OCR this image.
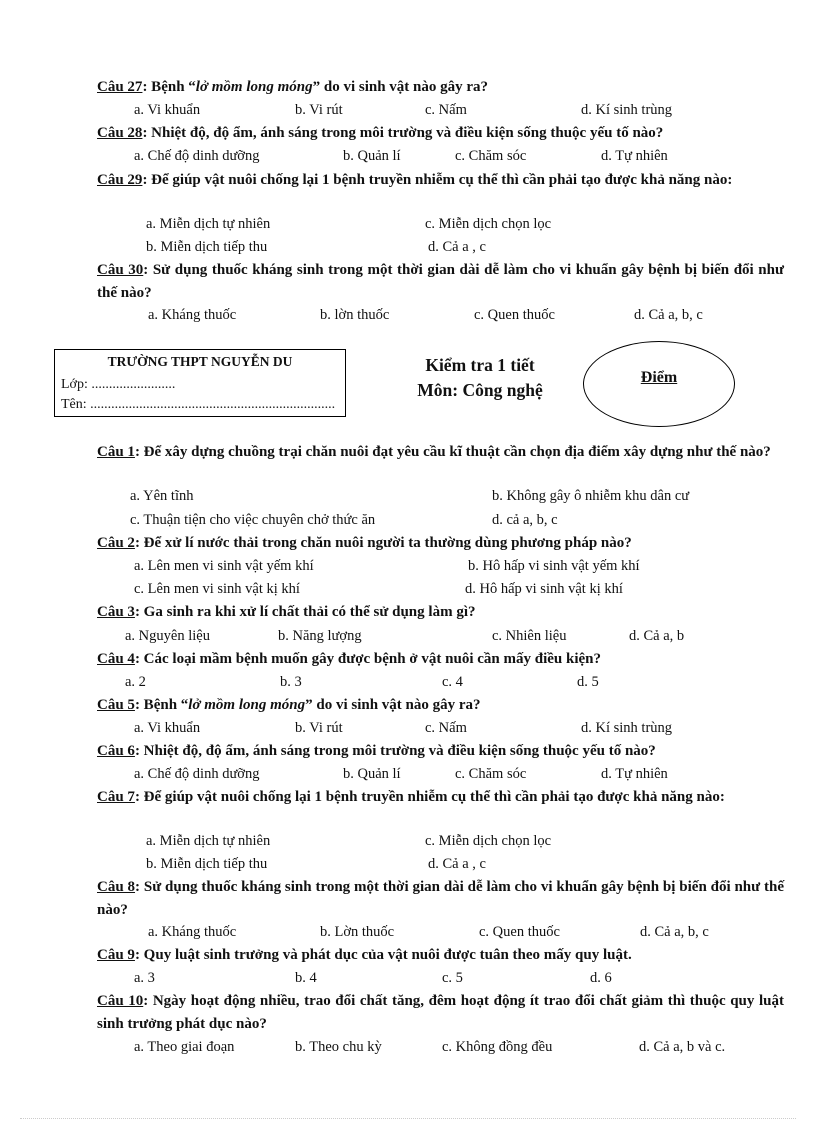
Câu 27: Bệnh “lở mồm long móng” do vi sinh vật nào gây ra?
a. Vi khuẩn	b. Vi rút	c. Nấm	d. Kí sinh trùng
Câu 28: Nhiệt độ, độ ẩm, ánh sáng trong môi trường và điều kiện sống thuộc yếu tố nào?
a. Chế độ dinh dưỡng	b. Quản lí	c. Chăm sóc	d. Tự nhiên
Câu 29: Để giúp vật nuôi chống lại 1 bệnh truyền nhiễm cụ thể thì cần phải tạo được khả năng nào:
a. Miễn dịch tự nhiên	c. Miễn dịch chọn lọc
b. Miễn dịch tiếp thu	d. Cả a , c
Câu 30: Sử dụng thuốc kháng sinh trong một thời gian dài dễ làm cho vi khuẩn gây bệnh bị biến đổi như thế nào?
a. Kháng thuốc	b. lờn thuốc	c. Quen thuốc	d. Cả a, b, c
TRƯỜNG THPT NGUYỄN DU
Lớp: ........................
Tên: ......................................................................
Kiểm tra 1 tiết
Môn: Công nghệ
Điểm
Câu 1: Để xây dựng chuồng trại chăn nuôi đạt yêu cầu kĩ thuật cần chọn địa điểm xây dựng như thế nào?
a. Yên tĩnh	b. Không gây ô nhiễm khu dân cư
c. Thuận tiện cho việc chuyên chở thức ăn	d. cả a, b, c
Câu 2: Để xử lí nước thải trong chăn nuôi người ta thường dùng phương pháp nào?
a. Lên men vi sinh vật yếm khí	b. Hô hấp vi sinh vật yếm khí
c. Lên men vi sinh vật kị khí	d. Hô hấp vi sinh vật kị khí
Câu 3: Ga sinh ra khi xử lí chất thải có thể sử dụng làm gì?
a. Nguyên liệu	b. Năng lượng	c. Nhiên liệu	d. Cả a, b
Câu 4: Các loại mầm bệnh muốn gây được bệnh ở vật nuôi cần mấy điều kiện?
a. 2	b. 3	c. 4	d. 5
Câu 5: Bệnh “lở mồm long móng” do vi sinh vật nào gây ra?
a. Vi khuẩn	b. Vi rút	c. Nấm	d. Kí sinh trùng
Câu 6: Nhiệt độ, độ ẩm, ánh sáng trong môi trường và điều kiện sống thuộc yếu tố nào?
a. Chế độ dinh dưỡng	b. Quản lí	c. Chăm sóc	d. Tự nhiên
Câu 7: Để giúp vật nuôi chống lại 1 bệnh truyền nhiễm cụ thể thì cần phải tạo được khả năng nào:
a. Miễn dịch tự nhiên	c. Miễn dịch chọn lọc
b. Miễn dịch tiếp thu	d. Cả a , c
Câu 8: Sử dụng thuốc kháng sinh trong một thời gian dài dễ làm cho vi khuẩn gây bệnh bị biến đổi như thế nào?
a. Kháng thuốc	b. Lờn thuốc	c. Quen thuốc	d. Cả a, b, c
Câu 9: Quy luật sinh trưởng và phát dục của vật nuôi được tuân theo mấy quy luật.
a. 3	b. 4	c. 5	d. 6
Câu 10: Ngày hoạt động nhiều, trao đổi chất tăng, đêm hoạt động ít trao đổi chất giảm thì thuộc quy luật sinh trưởng phát dục nào?
a. Theo giai đoạn	b. Theo chu kỳ	c. Không đồng đều	d. Cả a, b và c.
